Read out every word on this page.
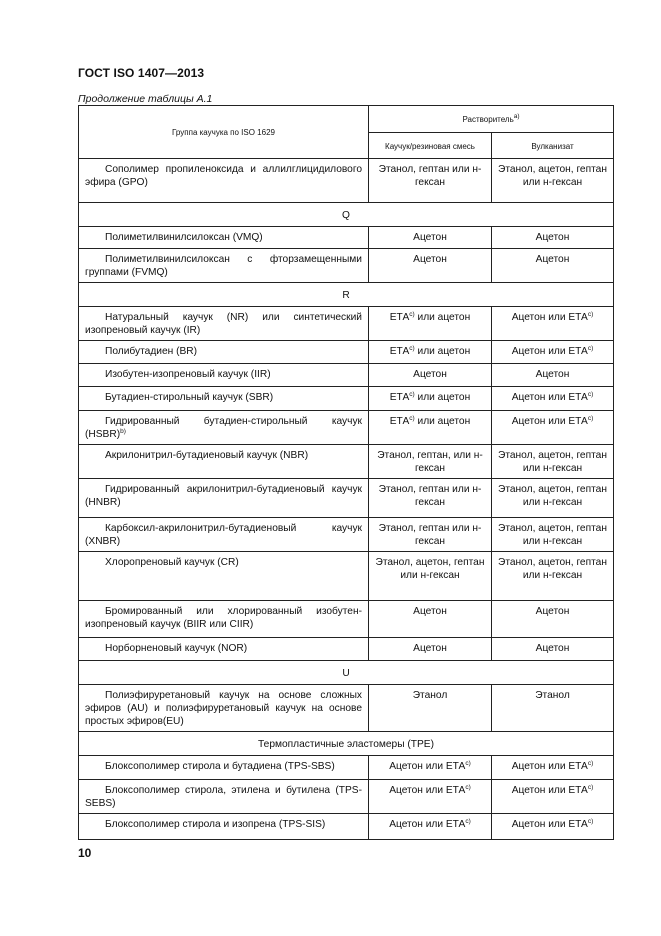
ГОСТ ISO 1407—2013
Продолжение таблицы А.1
Группа каучука по ISO 1629	Растворитель$^{a)}$
	Каучук/резиновая смесь	Вулканизат
Сополимер пропиленоксида и аллилглицидилового эфира (GPO)	Этанол, гептан или н-гексан	Этанол, ацетон, гептан или н-гексан
Q		
Полиметилвинилсилоксан (VMQ)	Ацетон	Ацетон
Полиметилвинилсилоксан с фторзамещенными группами (FVMQ)	Ацетон	Ацетон
R		
Натуральный каучук (NR) или синтетический изопреновый каучук (IR)	ЕТА$^{c)}$ или ацетон	Ацетон или ЕТА$^{c)}$
Полибутадиен (BR)	ЕТА$^{c)}$ или ацетон	Ацетон или ЕТА$^{c)}$
Изобутен-изопреновый каучук (IIR)	Ацетон	Ацетон
Бутадиен-стирольный каучук (SBR)	ЕТА$^{c)}$ или ацетон	Ацетон или ЕТА$^{c)}$
Гидрированный бутадиен-стирольный каучук (HSBR)$^{b)}$	ЕТА$^{c)}$ или ацетон	Ацетон или ЕТА$^{c)}$
Акрилонитрил-бутадиеновый каучук (NBR)	Этанол, гептан, или н-гексан	Этанол, ацетон, гептан или н-гексан
Гидрированный акрилонитрил-бутадиеновый каучук (HNBR)	Этанол, гептан или н-гексан	Этанол, ацетон, гептан или н-гексан
Карбоксил-акрилонитрил-бутадиеновый каучук (XNBR)	Этанол, гептан или н-гексан	Этанол, ацетон, гептан или н-гексан
Хлоропреновый каучук (CR)	Этанол, ацетон, гептан или н-гексан	Этанол, ацетон, гептан или н-гексан
Бромированный или хлорированный изобутен-изопреновый каучук (BIIR или CIIR)	Ацетон	Ацетон
Норборненовый каучук (NOR)	Ацетон	Ацетон
U		
Полиэфируретановый каучук на основе сложных эфиров (AU) и полиэфируретановый каучук на основе простых эфиров(EU)	Этанол	Этанол
Термопластичные эластомеры (TPE)		
Блоксополимер стирола и бутадиена (TPS-SBS)	Ацетон или ЕТА$^{c)}$	Ацетон или ЕТА$^{c)}$
Блоксополимер стирола, этилена и бутилена (TPS-SEBS)	Ацетон или ЕТА$^{c)}$	Ацетон или ЕТА$^{c)}$
Блоксополимер стирола и изопрена (TPS-SIS)	Ацетон или ЕТА$^{c)}$	Ацетон или ЕТА$^{c)}$
10
